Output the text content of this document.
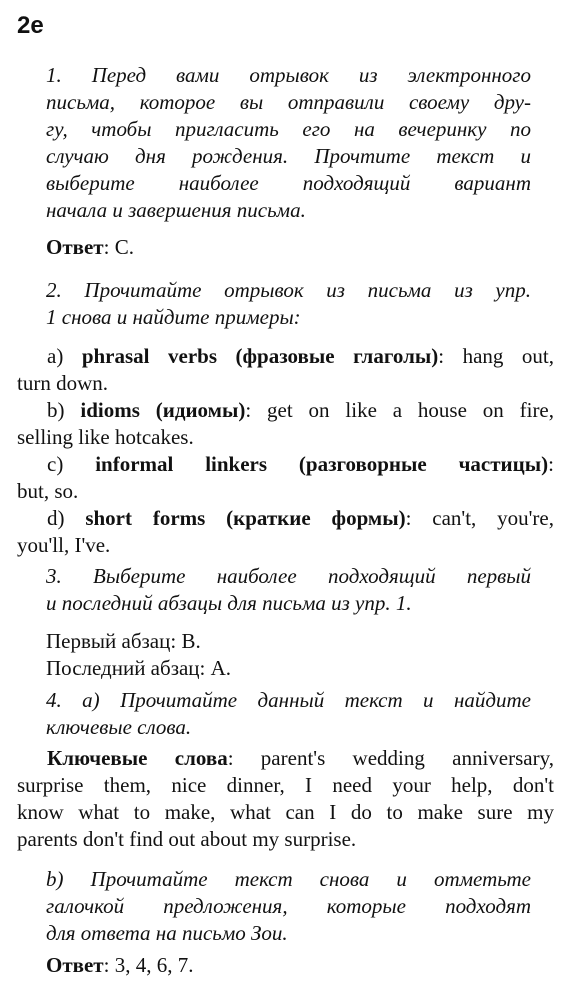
2e
1. Перед вами отрывок из электронного
письма, которое вы отправили своему дру-
гу, чтобы пригласить его на вечеринку по
случаю дня рождения. Прочтите текст и
выберите наиболее подходящий вариант
начала и завершения письма.
Ответ: С.
2. Прочитайте отрывок из письма из упр.
1 снова и найдите примеры:
а) phrasal verbs (фразовые глаголы): hang out,
turn down.
b) idioms (идиомы): get on like a house on fire,
selling like hotcakes.
c) informal linkers (разговорные частицы):
but, so.
d) short forms (краткие формы): can't, you're,
you'll, I've.
3. Выберите наиболее подходящий первый
и последний абзацы для письма из упр. 1.
Первый абзац: В.
Последний абзац: А.
4. а) Прочитайте данный текст и найдите
ключевые слова.
Ключевые слова: parent's wedding anniversary,
surprise them, nice dinner, I need your help, don't
know what to make, what can I do to make sure my
parents don't find out about my surprise.
b) Прочитайте текст снова и отметьте
галочкой предложения, которые подходят
для ответа на письмо Зои.
Ответ: 3, 4, 6, 7.
